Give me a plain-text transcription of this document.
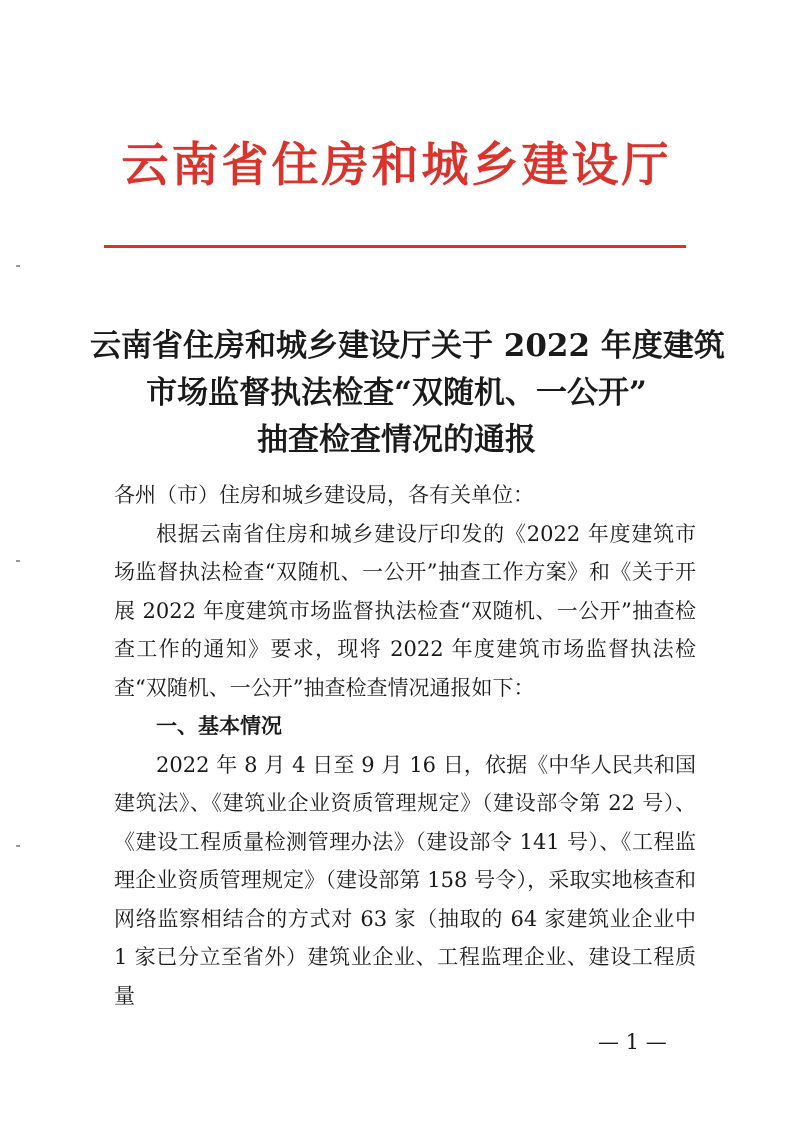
云南省住房和城乡建设厅
云南省住房和城乡建设厅关于 2022 年度建筑
市场监督执法检查“双随机、一公开”
抽查检查情况的通报

各州（市）住房和城乡建设局，各有关单位：

根据云南省住房和城乡建设厅印发的《2022 年度建筑市场监督执法检查“双随机、一公开”抽查工作方案》和《关于开展 2022 年度建筑市场监督执法检查“双随机、一公开”抽查检查工作的通知》要求，现将 2022 年度建筑市场监督执法检查“双随机、一公开”抽查检查情况通报如下：

一、基本情况

2022 年 8 月 4 日至 9 月 16 日，依据《中华人民共和国建筑法》、《建筑业企业资质管理规定》（建设部令第 22 号）、《建设工程质量检测管理办法》（建设部令 141 号）、《工程监理企业资质管理规定》（建设部第 158 号令），采取实地核查和网络监察相结合的方式对 63 家（抽取的 64 家建筑业企业中 1 家已分立至省外）建筑业企业、工程监理企业、建设工程质量

— 1 —
